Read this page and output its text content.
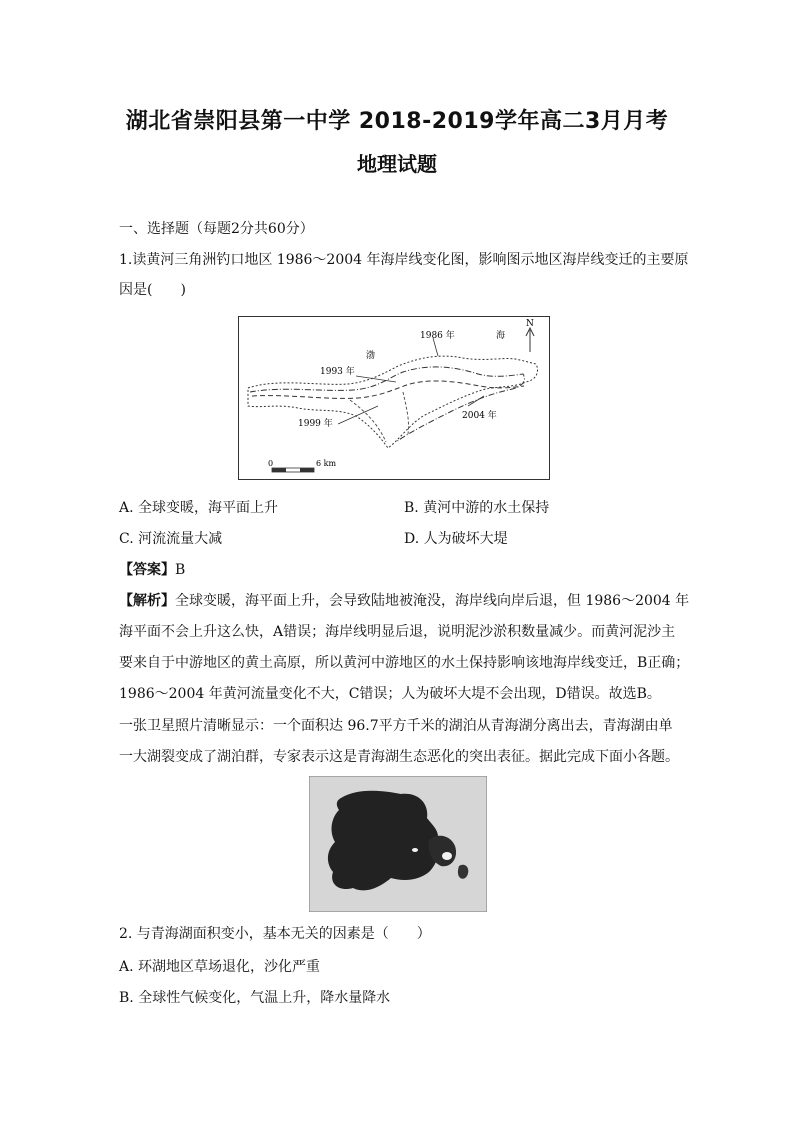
湖北省崇阳县第一中学 2018-2019学年高二3月月考
地理试题
一、选择题（每题2分共60分）
1.读黄河三角洲钓口地区 1986～2004 年海岸线变化图，影响图示地区海岸线变迁的主要原
因是(　　)
N
1986 年	海
渤
1993 年
1999 年
2004 年
0	6 km
A. 全球变暖，海平面上升	B. 黄河中游的水土保持
C. 河流流量大减	D. 人为破坏大堤
【答案】B
【解析】全球变暖，海平面上升，会导致陆地被淹没，海岸线向岸后退，但 1986～2004 年
海平面不会上升这么快，A错误；海岸线明显后退，说明泥沙淤积数量减少。而黄河泥沙主
要来自于中游地区的黄土高原，所以黄河中游地区的水土保持影响该地海岸线变迁，B正确；
1986～2004 年黄河流量变化不大，C错误；人为破坏大堤不会出现，D错误。故选B。
一张卫星照片清晰显示：一个面积达 96.7平方千米的湖泊从青海湖分离出去，青海湖由单
一大湖裂变成了湖泊群，专家表示这是青海湖生态恶化的突出表征。据此完成下面小各题。
2. 与青海湖面积变小，基本无关的因素是（　　）
A. 环湖地区草场退化，沙化严重
B. 全球性气候变化，气温上升，降水量降水
